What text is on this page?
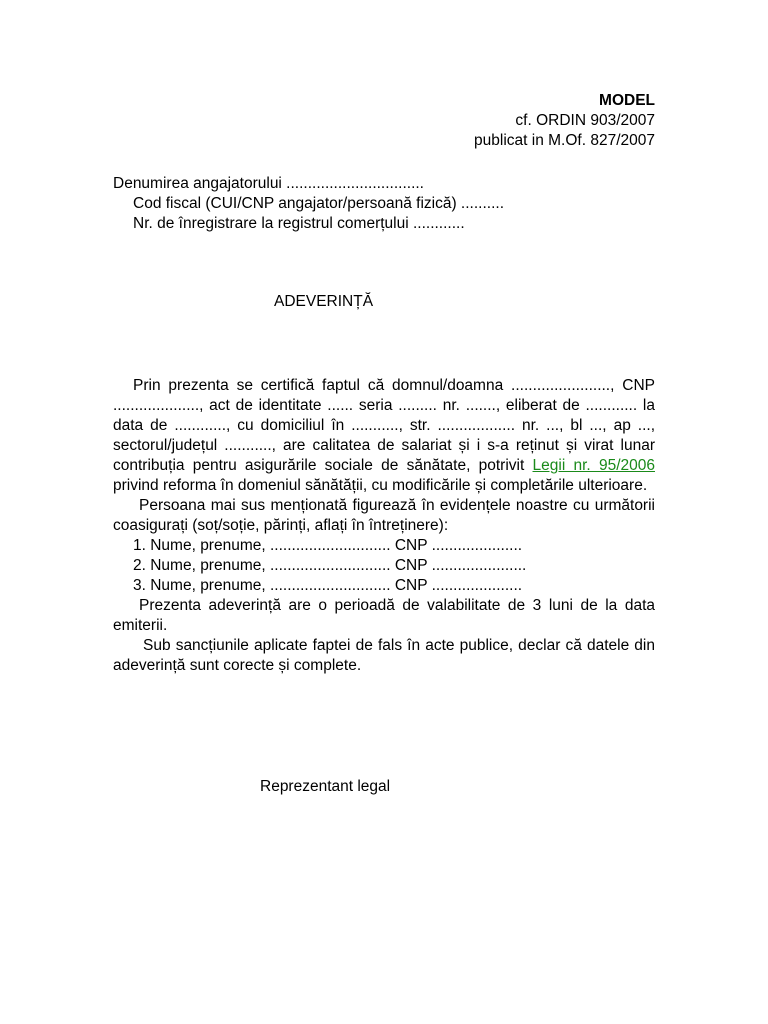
MODEL
cf. ORDIN 903/2007
publicat in M.Of. 827/2007
Denumirea angajatorului ................................
Cod fiscal (CUI/CNP angajator/persoană fizică) ..........
Nr. de înregistrare la registrul comerțului ............
ADEVERINȚĂ

Prin prezenta se certifică faptul că domnul/doamna ......................., CNP ...................., act de identitate ...... seria ......... nr. ......., eliberat de ............ la data de ............, cu domiciliul în ..........., str. .................. nr. ..., bl ..., ap ..., sectorul/județul ..........., are calitatea de salariat și i s-a reținut și virat lunar contribuția pentru asigurările sociale de sănătate, potrivit Legii nr. 95/2006 privind reforma în domeniul sănătății, cu modificările și completările ulterioare.

Persoana mai sus menționată figurează în evidențele noastre cu următorii coasigurați (soț/soție, părinți, aflați în întreținere):

1. Nume, prenume, ............................ CNP .....................
2. Nume, prenume, ............................ CNP ......................
3. Nume, prenume, ............................ CNP .....................

Prezenta adeverință are o perioadă de valabilitate de 3 luni de la data emiterii.

Sub sancțiunile aplicate faptei de fals în acte publice, declar că datele din adeverință sunt corecte și complete.

Reprezentant legal
